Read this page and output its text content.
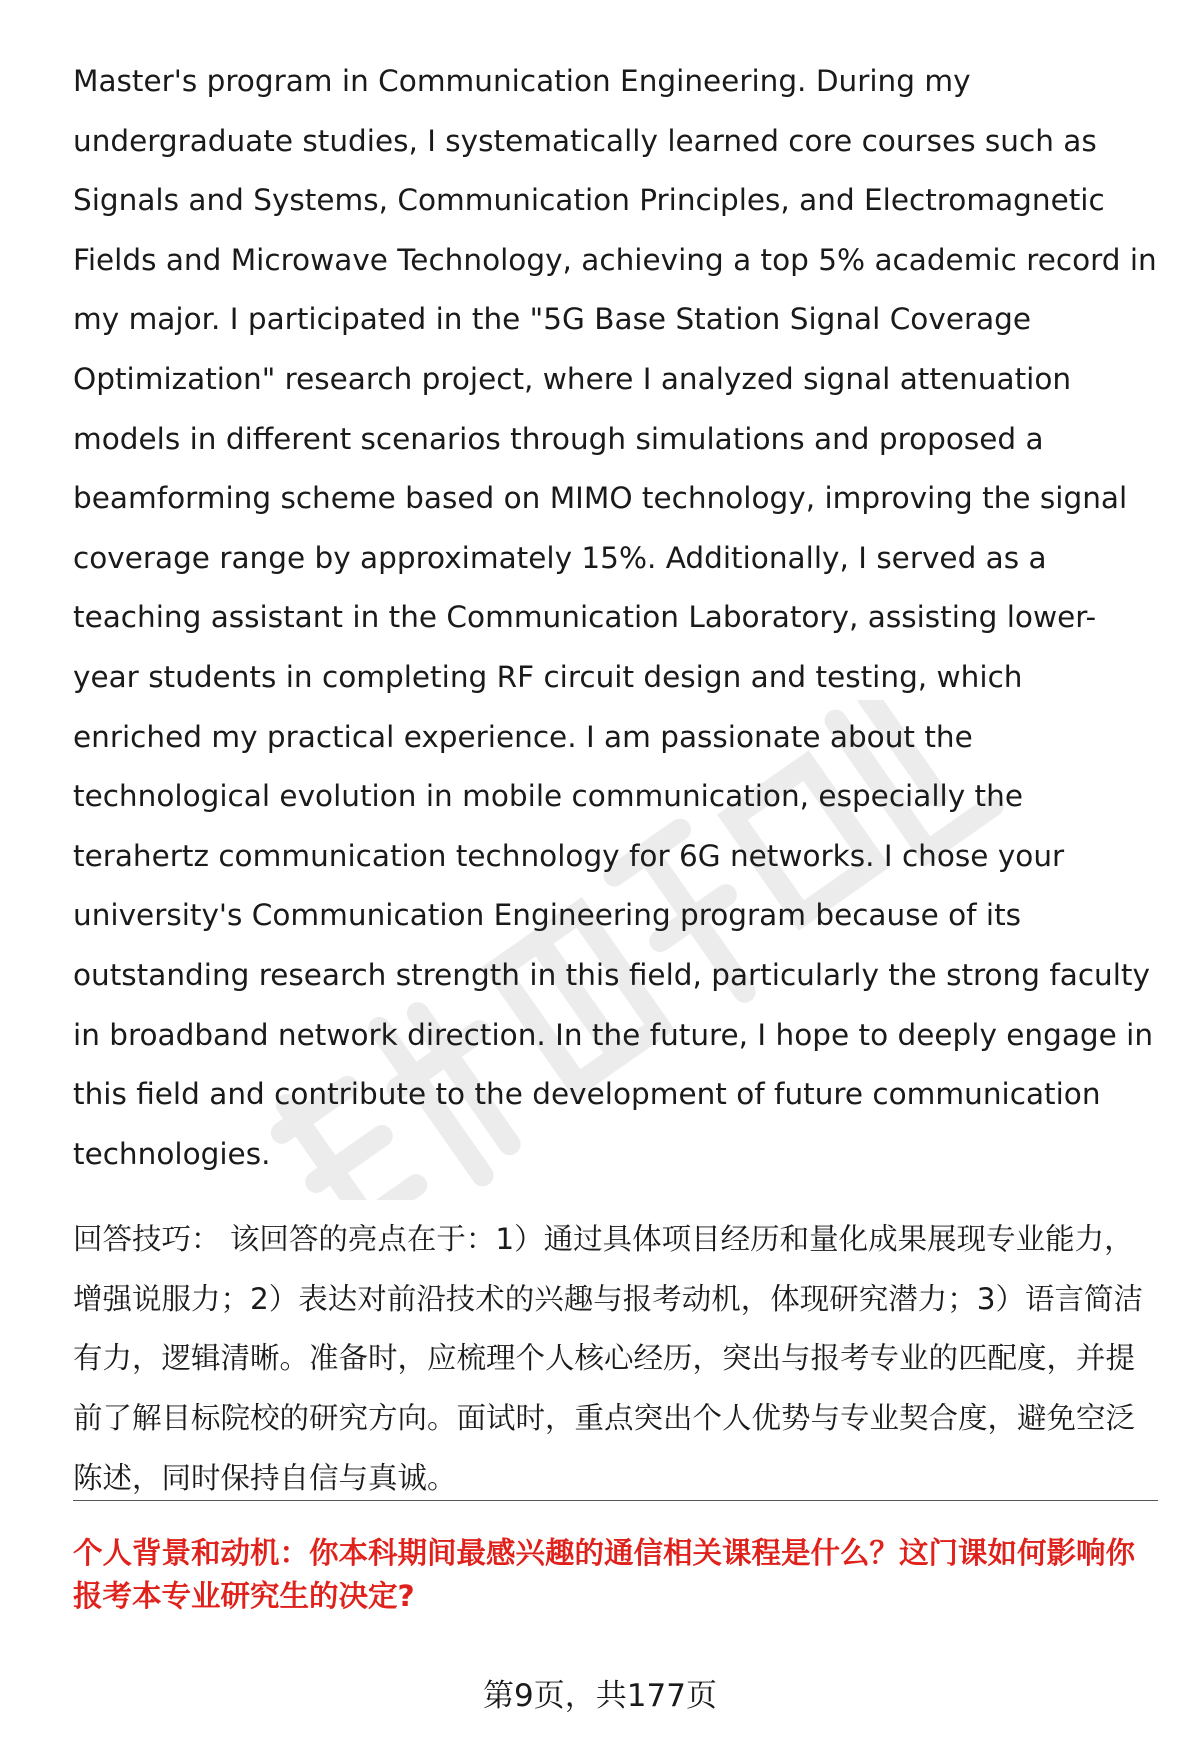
Master's program in Communication Engineering. During my undergraduate studies, I systematically learned core courses such as Signals and Systems, Communication Principles, and Electromagnetic Fields and Microwave Technology, achieving a top 5% academic record in my major. I participated in the "5G Base Station Signal Coverage Optimization" research project, where I analyzed signal attenuation models in different scenarios through simulations and proposed a beamforming scheme based on MIMO technology, improving the signal coverage range by approximately 15%. Additionally, I served as a teaching assistant in the Communication Laboratory, assisting lower-year students in completing RF circuit design and testing, which enriched my practical experience. I am passionate about the technological evolution in mobile communication, especially the terahertz communication technology for 6G networks. I chose your university's Communication Engineering program because of its outstanding research strength in this field, particularly the strong faculty in broadband network direction. In the future, I hope to deeply engage in this field and contribute to the development of future communication technologies.

回答技巧： 该回答的亮点在于：1）通过具体项目经历和量化成果展现专业能力，增强说服力；2）表达对前沿技术的兴趣与报考动机，体现研究潜力；3）语言简洁有力，逻辑清晰。准备时，应梳理个人核心经历，突出与报考专业的匹配度，并提前了解目标院校的研究方向。面试时，重点突出个人优势与专业契合度，避免空泛陈述，同时保持自信与真诚。

个人背景和动机：你本科期间最感兴趣的通信相关课程是什么？这门课如何影响你报考本专业研究生的决定?

第9页，共177页
